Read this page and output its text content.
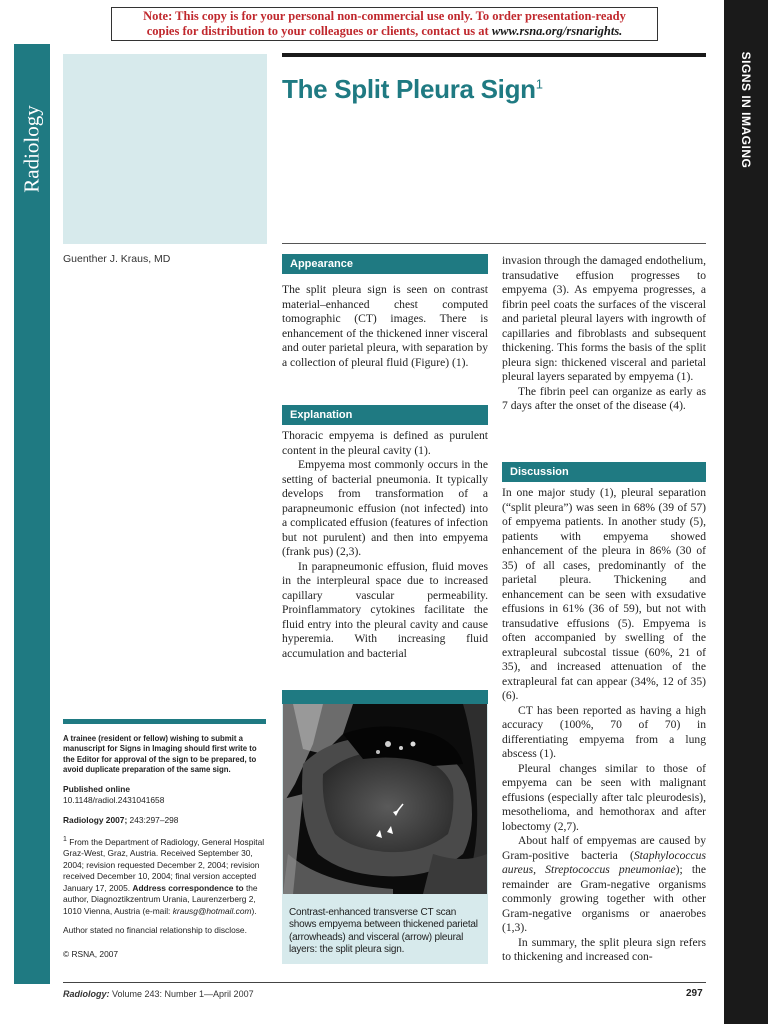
Note: This copy is for your personal non-commercial use only. To order presentation-ready
copies for distribution to your colleagues or clients, contact us at www.rsna.org/rsnarights.
Radiology	SIGNS IN IMAGING
The Split Pleura Sign$^1$
Guenther J. Kraus, MD	Appearance

The split pleura sign is seen on contrast material–enhanced chest computed tomographic (CT) images. There is enhancement of the thickened inner visceral and outer parietal pleura, with separation by a collection of pleural fluid (Figure) (1).

Explanation

Thoracic empyema is defined as purulent content in the pleural cavity (1).

Empyema most commonly occurs in the setting of bacterial pneumonia. It typically develops from transformation of a parapneumonic effusion (not infected) into a complicated effusion (features of infection but not purulent) and then into empyema (frank pus) (2,3).

In parapneumonic effusion, fluid moves in the interpleural space due to increased capillary vascular permeability. Proinflammatory cytokines facilitate the fluid entry into the pleural cavity and cause hyperemia. With increasing fluid accumulation and bacterial

invasion through the damaged endothelium, transudative effusion progresses to empyema (3). As empyema progresses, a fibrin peel coats the surfaces of the visceral and parietal pleural layers with ingrowth of capillaries and fibroblasts and subsequent thickening. This forms the basis of the split pleura sign: thickened visceral and parietal pleural layers separated by empyema (1).

The fibrin peel can organize as early as 7 days after the onset of the disease (4).

Discussion

In one major study (1), pleural separation (“split pleura”) was seen in 68% (39 of 57) of empyema patients. In another study (5), patients with empyema showed enhancement of the pleura in 86% (30 of 35) of all cases, predominantly of the parietal pleura. Thickening and enhancement can be seen with exsudative effusions in 61% (36 of 59), but not with transudative effusions (5). Empyema is often accompanied by swelling of the extrapleural subcostal tissue (60%, 21 of 35), and increased attenuation of the extrapleural fat can appear (34%, 12 of 35) (6).

CT has been reported as having a high accuracy (100%, 70 of 70) in differentiating empyema from a lung abscess (1).

Pleural changes similar to those of empyema can be seen with malignant effusions (especially after talc pleurodesis), mesothelioma, and hemothorax and after lobectomy (2,7).

About half of empyemas are caused by Gram-positive bacteria (Staphylococcus aureus, Streptococcus pneumoniae); the remainder are Gram-negative organisms commonly growing together with other Gram-negative organisms or anaerobes (1,3).

In summary, the split pleura sign refers to thickening and increased con-

A trainee (resident or fellow) wishing to submit a manuscript for Signs in Imaging should first write to the Editor for approval of the sign to be prepared, to avoid duplicate preparation of the same sign.
Published online
10.1148/radiol.2431041658
Radiology 2007; 243:297–298
$^1$ From the Department of Radiology, General Hospital Graz-West, Graz, Austria. Received September 30, 2004; revision requested December 2, 2004; revision received December 10, 2004; final version accepted January 17, 2005. Address correspondence to the author, Diagnoztikzentrum Urania, Laurenzerberg 2, 1010 Vienna, Austria (e-mail: krausg@hotmail.com).
Author stated no financial relationship to disclose.
© RSNA, 2007
Contrast-enhanced transverse CT scan shows empyema between thickened parietal (arrowheads) and visceral (arrow) pleural layers: the split pleura sign.
Radiology: Volume 243: Number 1—April 2007	297
